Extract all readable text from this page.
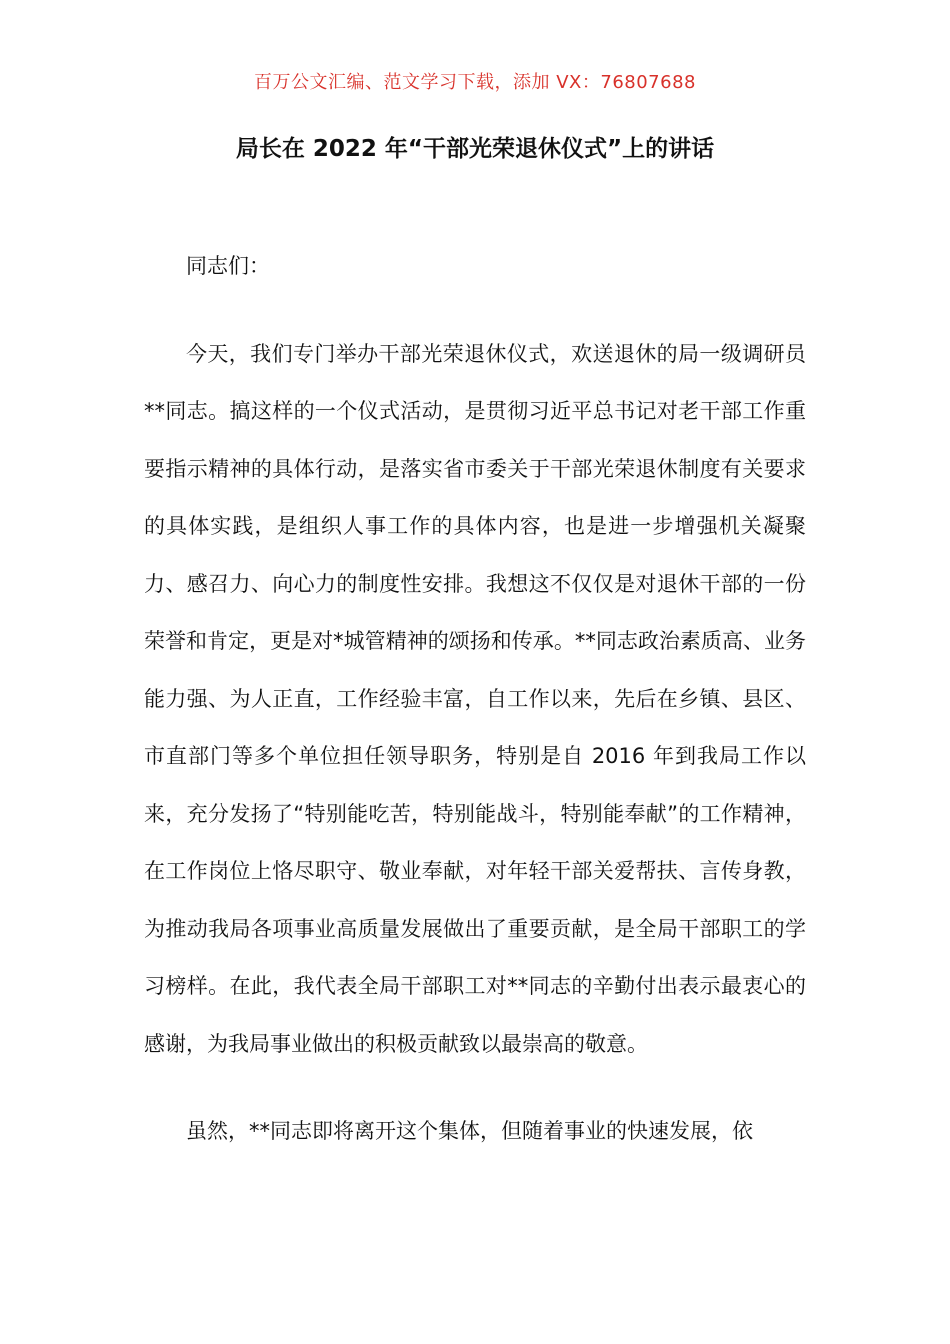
百万公文汇编、范文学习下载，添加 VX：76807688
局长在 2022 年“干部光荣退休仪式”上的讲话

同志们：

今天，我们专门举办干部光荣退休仪式，欢送退休的局一级调研员**同志。搞这样的一个仪式活动，是贯彻习近平总书记对老干部工作重要指示精神的具体行动，是落实省市委关于干部光荣退休制度有关要求的具体实践，是组织人事工作的具体内容，也是进一步增强机关凝聚力、感召力、向心力的制度性安排。我想这不仅仅是对退休干部的一份荣誉和肯定，更是对*城管精神的颂扬和传承。**同志政治素质高、业务能力强、为人正直，工作经验丰富，自工作以来，先后在乡镇、县区、市直部门等多个单位担任领导职务，特别是自 2016 年到我局工作以来，充分发扬了“特别能吃苦，特别能战斗，特别能奉献”的工作精神，在工作岗位上恪尽职守、敬业奉献，对年轻干部关爱帮扶、言传身教，为推动我局各项事业高质量发展做出了重要贡献，是全局干部职工的学习榜样。在此，我代表全局干部职工对**同志的辛勤付出表示最衷心的感谢，为我局事业做出的积极贡献致以最崇高的敬意。

虽然，**同志即将离开这个集体，但随着事业的快速发展，依
